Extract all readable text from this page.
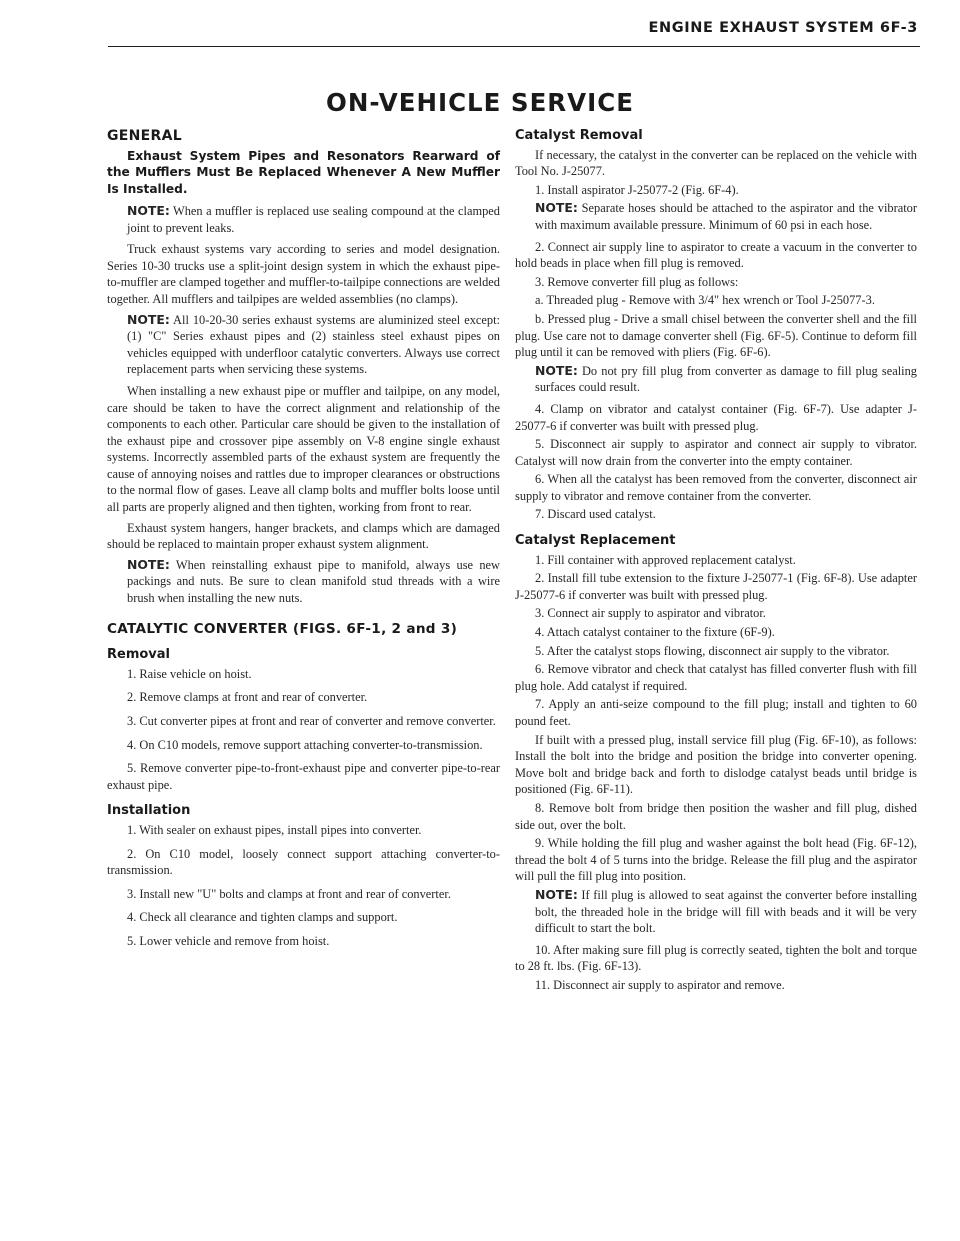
ENGINE EXHAUST SYSTEM 6F-3
ON-VEHICLE SERVICE
GENERAL
Exhaust System Pipes and Resonators Rearward of the Mufflers Must Be Replaced Whenever A New Muffler Is Installed.
NOTE: When a muffler is replaced use sealing compound at the clamped joint to prevent leaks.

Truck exhaust systems vary according to series and model designation. Series 10-30 trucks use a split-joint design system in which the exhaust pipe-to-muffler are clamped together and muffler-to-tailpipe connections are welded together. All mufflers and tailpipes are welded assemblies (no clamps).

NOTE: All 10-20-30 series exhaust systems are aluminized steel except: (1) "C" Series exhaust pipes and (2) stainless steel exhaust pipes on vehicles equipped with underfloor catalytic converters. Always use correct replacement parts when servicing these systems.

When installing a new exhaust pipe or muffler and tailpipe, on any model, care should be taken to have the correct alignment and relationship of the components to each other. Particular care should be given to the installation of the exhaust pipe and crossover pipe assembly on V-8 engine single exhaust systems. Incorrectly assembled parts of the exhaust system are frequently the cause of annoying noises and rattles due to improper clearances or obstructions to the normal flow of gases. Leave all clamp bolts and muffler bolts loose until all parts are properly aligned and then tighten, working from front to rear.

Exhaust system hangers, hanger brackets, and clamps which are damaged should be replaced to maintain proper exhaust system alignment.

NOTE: When reinstalling exhaust pipe to manifold, always use new packings and nuts. Be sure to clean manifold stud threads with a wire brush when installing the new nuts.
CATALYTIC CONVERTER (FIGS. 6F-1, 2 and 3)
Removal

1. Raise vehicle on hoist.

2. Remove clamps at front and rear of converter.

3. Cut converter pipes at front and rear of converter and remove converter.

4. On C10 models, remove support attaching converter-to-transmission.

5. Remove converter pipe-to-front-exhaust pipe and converter pipe-to-rear exhaust pipe.

Installation

1. With sealer on exhaust pipes, install pipes into converter.

2. On C10 model, loosely connect support attaching converter-to-transmission.

3. Install new "U" bolts and clamps at front and rear of converter.

4. Check all clearance and tighten clamps and support.

5. Lower vehicle and remove from hoist.

Catalyst Removal

If necessary, the catalyst in the converter can be replaced on the vehicle with Tool No. J-25077.

1. Install aspirator J-25077-2 (Fig. 6F-4).

NOTE: Separate hoses should be attached to the aspirator and the vibrator with maximum available pressure. Minimum of 60 psi in each hose.

2. Connect air supply line to aspirator to create a vacuum in the converter to hold beads in place when fill plug is removed.

3. Remove converter fill plug as follows:

a. Threaded plug - Remove with 3/4" hex wrench or Tool J-25077-3.

b. Pressed plug - Drive a small chisel between the converter shell and the fill plug. Use care not to damage converter shell (Fig. 6F-5). Continue to deform fill plug until it can be removed with pliers (Fig. 6F-6).

NOTE: Do not pry fill plug from converter as damage to fill plug sealing surfaces could result.

4. Clamp on vibrator and catalyst container (Fig. 6F-7). Use adapter J-25077-6 if converter was built with pressed plug.

5. Disconnect air supply to aspirator and connect air supply to vibrator. Catalyst will now drain from the converter into the empty container.

6. When all the catalyst has been removed from the converter, disconnect air supply to vibrator and remove container from the converter.

7. Discard used catalyst.

Catalyst Replacement

1. Fill container with approved replacement catalyst.

2. Install fill tube extension to the fixture J-25077-1 (Fig. 6F-8). Use adapter J-25077-6 if converter was built with pressed plug.

3. Connect air supply to aspirator and vibrator.

4. Attach catalyst container to the fixture (6F-9).

5. After the catalyst stops flowing, disconnect air supply to the vibrator.

6. Remove vibrator and check that catalyst has filled converter flush with fill plug hole. Add catalyst if required.

7. Apply an anti-seize compound to the fill plug; install and tighten to 60 pound feet.

If built with a pressed plug, install service fill plug (Fig. 6F-10), as follows: Install the bolt into the bridge and position the bridge into converter opening. Move bolt and bridge back and forth to dislodge catalyst beads until bridge is positioned (Fig. 6F-11).

8. Remove bolt from bridge then position the washer and fill plug, dished side out, over the bolt.

9. While holding the fill plug and washer against the bolt head (Fig. 6F-12), thread the bolt 4 of 5 turns into the bridge. Release the fill plug and the aspirator will pull the fill plug into position.

NOTE: If fill plug is allowed to seat against the converter before installing bolt, the threaded hole in the bridge will fill with beads and it will be very difficult to start the bolt.

10. After making sure fill plug is correctly seated, tighten the bolt and torque to 28 ft. lbs. (Fig. 6F-13).

11. Disconnect air supply to aspirator and remove.
